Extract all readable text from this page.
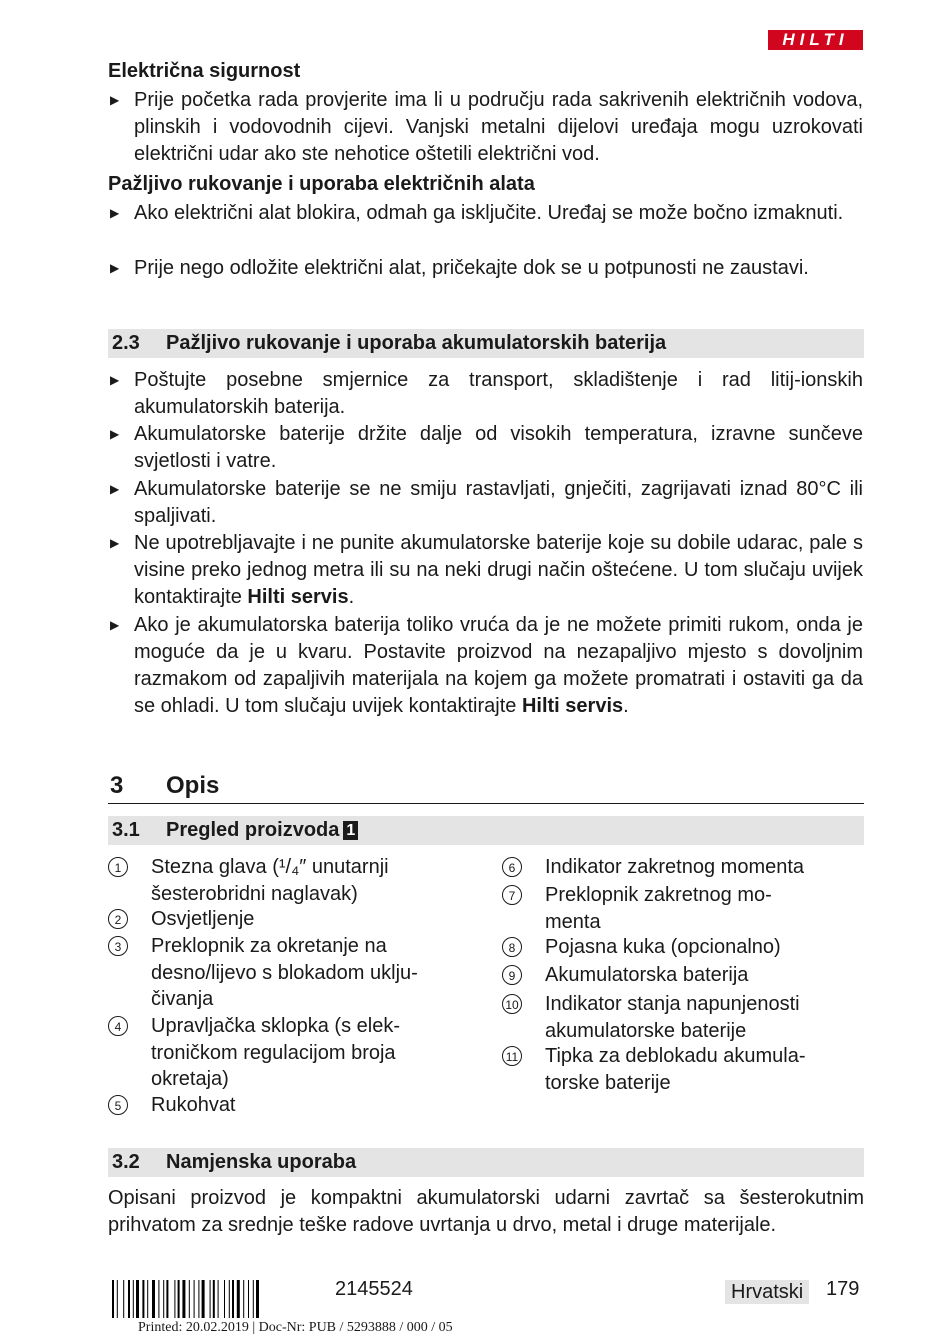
HILTI
Električna sigurnost
▶ Prije početka rada provjerite ima li u području rada sakrivenih električnih vodova, plinskih i vodovodnih cijevi. Vanjski metalni dijelovi uređaja mogu uzrokovati električni udar ako ste nehotice oštetili električni vod.
Pažljivo rukovanje i uporaba električnih alata
▶ Ako električni alat blokira, odmah ga isključite. Uređaj se može bočno izmaknuti.
▶ Prije nego odložite električni alat, pričekajte dok se u potpunosti ne zaustavi.
2.3 Pažljivo rukovanje i uporaba akumulatorskih baterija
▶ Poštujte posebne smjernice za transport, skladištenje i rad litij-ionskih akumulatorskih baterija.
▶ Akumulatorske baterije držite dalje od visokih temperatura, izravne sunčeve svjetlosti i vatre.
▶ Akumulatorske baterije se ne smiju rastavljati, gnječiti, zagrijavati iznad 80°C ili spaljivati.
▶ Ne upotrebljavajte i ne punite akumulatorske baterije koje su dobile udarac, pale s visine preko jednog metra ili su na neki drugi način oštećene. U tom slučaju uvijek kontaktirajte Hilti servis.
▶ Ako je akumulatorska baterija toliko vruća da je ne možete primiti rukom, onda je moguće da je u kvaru. Postavite proizvod na nezapaljivo mjesto s dovoljnim razmakom od zapaljivih materijala na kojem ga možete promatrati i ostaviti ga da se ohladi. U tom slučaju uvijek kontaktirajte Hilti servis.
3 Opis
3.1 Pregled proizvoda 1
1	Stezna glava (¹/₄″ unutarnji šesterobridni naglavak)
2	Osvjetljenje
3	Preklopnik za okretanje na desno/lijevo s blokadom uklju- čivanja
4	Upravljačka sklopka (s elek- troničkom regulacijom broja okretaja)
5	Rukohvat
6	Indikator zakretnog momenta
7	Preklopnik zakretnog mo- menta
8	Pojasna kuka (opcionalno)
9	Akumulatorska baterija
10 Indikator stanja napunjenosti akumulatorske baterije
11 Tipka za deblokadu akumula- torske baterije
3.2 Namjenska uporaba
Opisani proizvod je kompaktni akumulatorski udarni zavrtač sa šesterokutnim prihvatom za srednje teške radove uvrtanja u drvo, metal i druge materijale.
2145524	Hrvatski	179
Printed: 20.02.2019 | Doc-Nr: PUB / 5293888 / 000 / 05
